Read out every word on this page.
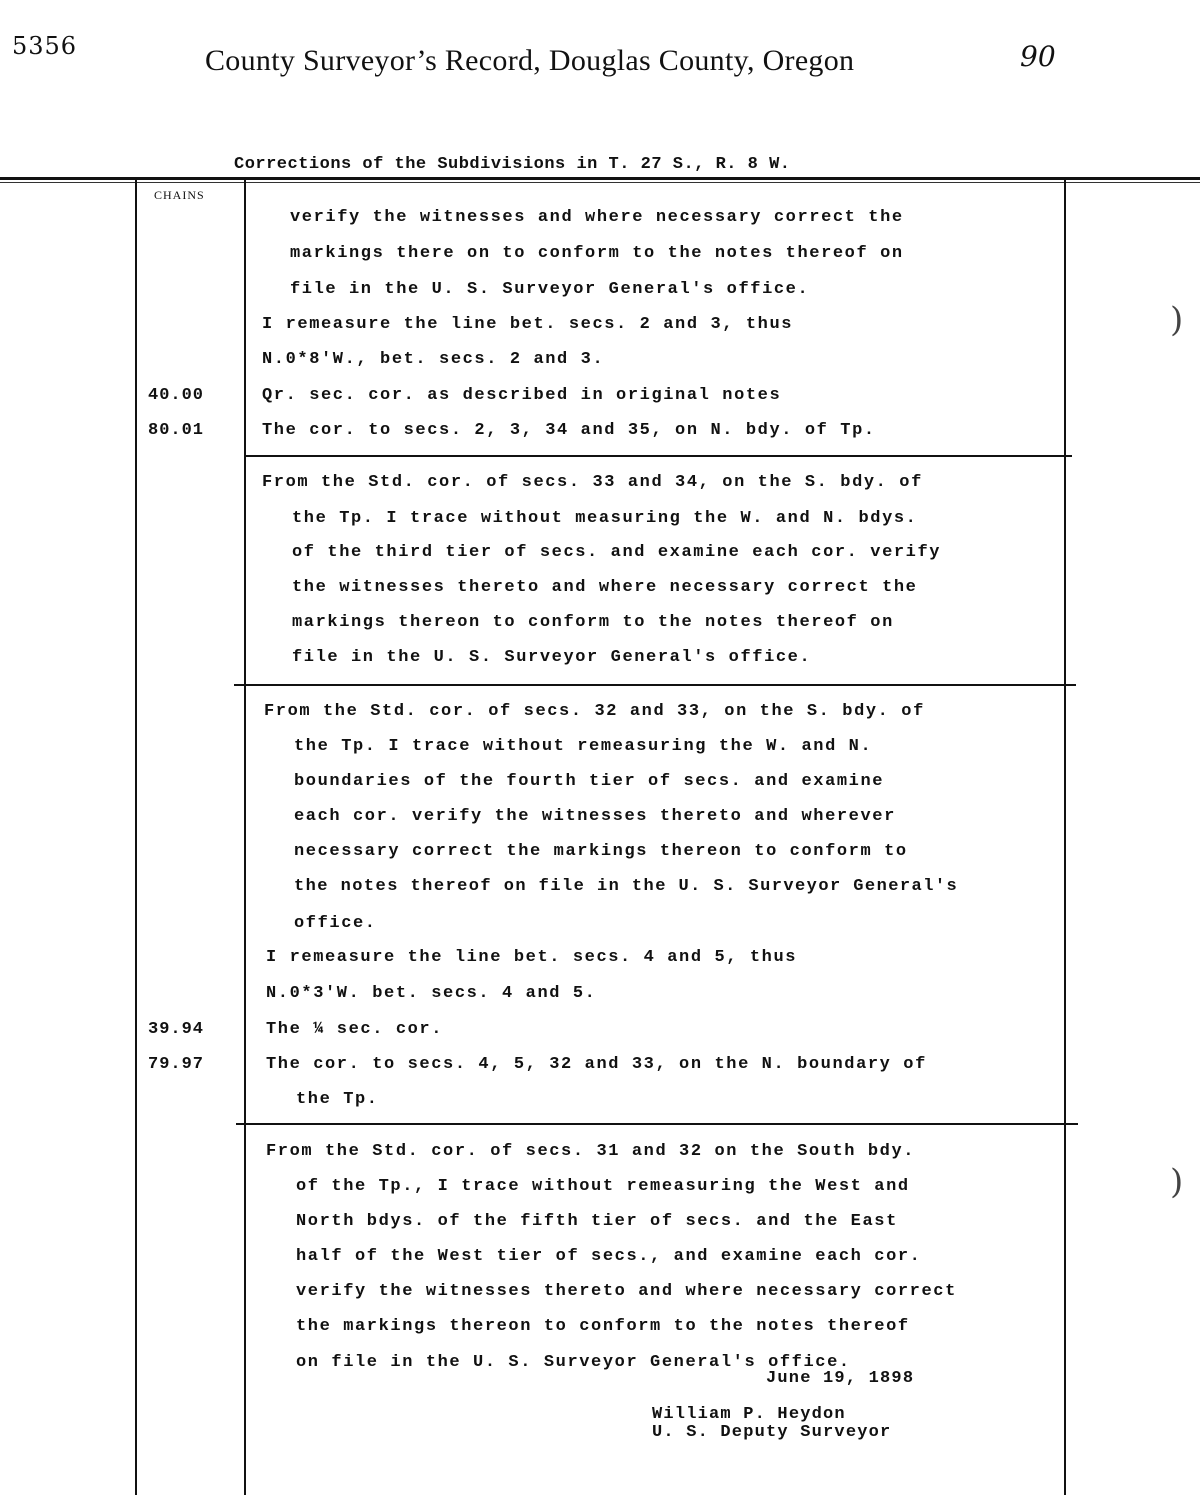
5356	County Surveyor’s Record, Douglas County, Oregon	90
Corrections of the Subdivisions in T. 27 S., R. 8 W.
CHAINS
verify the witnesses and where necessary correct the
markings there on to conform to the notes thereof on
file in the U. S. Surveyor General's office.
I remeasure the line bet. secs. 2 and 3, thus
N.0*8'W., bet. secs. 2 and 3.
40.00	Qr. sec. cor. as described in original notes
80.01	The cor. to secs. 2, 3, 34 and 35, on N. bdy. of Tp.
From the Std. cor. of secs. 33 and 34, on the S. bdy. of
the Tp. I trace without measuring the W. and N. bdys.
of the third tier of secs. and examine each cor. verify
the witnesses thereto and where necessary correct the
markings thereon to conform to the notes thereof on
file in the U. S. Surveyor General's office.
From the Std. cor. of secs. 32 and 33, on the S. bdy. of
the Tp. I trace without remeasuring the W. and N.
boundaries of the fourth tier of secs. and examine
each cor. verify the witnesses thereto and wherever
necessary correct the markings thereon to conform to
the notes thereof on file in the U. S. Surveyor General's
office.
I remeasure the line bet. secs. 4 and 5, thus
N.0*3'W. bet. secs. 4 and 5.
39.94	The ¼ sec. cor.
79.97	The cor. to secs. 4, 5, 32 and 33, on the N. boundary of
the Tp.
From the Std. cor. of secs. 31 and 32 on the South bdy.
of the Tp., I trace without remeasuring the West and
North bdys. of the fifth tier of secs. and the East
half of the West tier of secs., and examine each cor.
verify the witnesses thereto and where necessary correct
the markings thereon to conform to the notes thereof
on file in the U. S. Surveyor General's office.
June 19, 1898
William P. Heydon
U. S. Deputy Surveyor
)
)
